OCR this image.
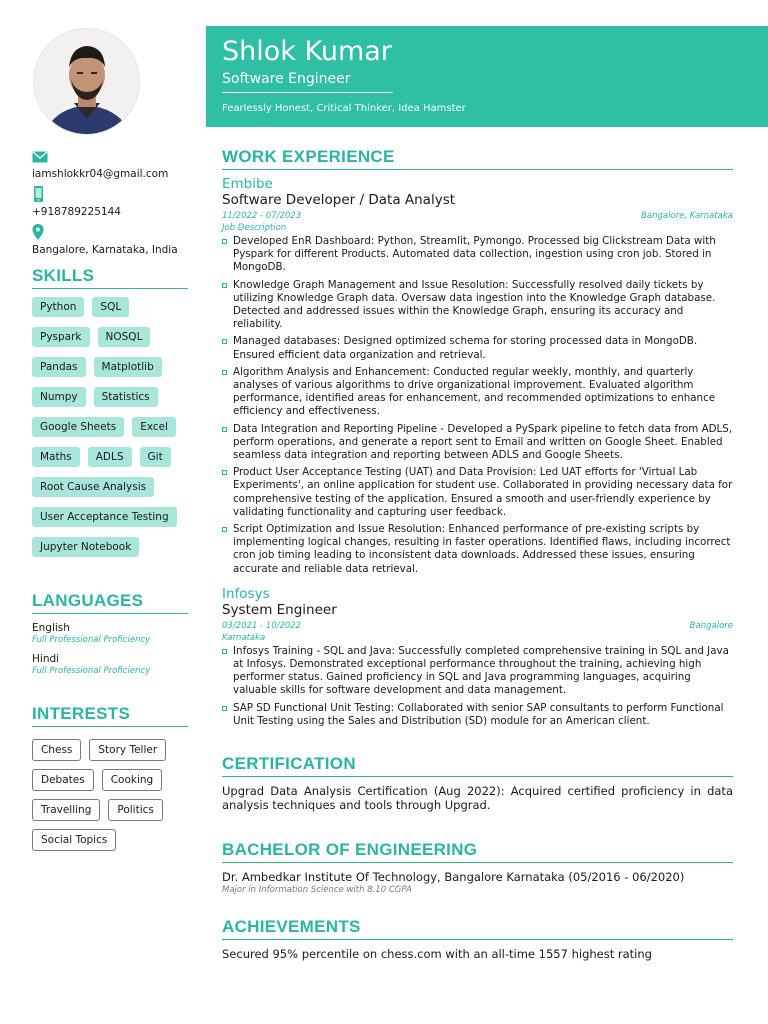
Shlok Kumar
Software Engineer
Fearlessly Honest, Critical Thinker, Idea Hamster
iamshlokkr04@gmail.com
+918789225144
Bangalore, Karnataka, India
SKILLS
Python	SQL
Pyspark	NOSQL
Pandas	Matplotlib
Numpy	Statistics
Google Sheets	Excel
Maths	ADLS	Git
Root Cause Analysis
User Acceptance Testing
Jupyter Notebook
LANGUAGES
English
Full Professional Proficiency
Hindi
Full Professional Proficiency
INTERESTS
Chess	Story Teller
Debates	Cooking
Travelling	Politics
Social Topics
WORK EXPERIENCE
Embibe
Software Developer / Data Analyst
11/2022 - 07/2023	Bangalore, Karnataka
Job Description
Developed EnR Dashboard: Python, Streamlit, Pymongo. Processed big Clickstream Data with Pyspark for different Products. Automated data collection, ingestion using cron job. Stored in MongoDB.
Knowledge Graph Management and Issue Resolution: Successfully resolved daily tickets by utilizing Knowledge Graph data. Oversaw data ingestion into the Knowledge Graph database. Detected and addressed issues within the Knowledge Graph, ensuring its accuracy and reliability.
Managed databases: Designed optimized schema for storing processed data in MongoDB. Ensured efficient data organization and retrieval.
Algorithm Analysis and Enhancement: Conducted regular weekly, monthly, and quarterly analyses of various algorithms to drive organizational improvement. Evaluated algorithm performance, identified areas for enhancement, and recommended optimizations to enhance efficiency and effectiveness.
Data Integration and Reporting Pipeline - Developed a PySpark pipeline to fetch data from ADLS, perform operations, and generate a report sent to Email and written on Google Sheet. Enabled seamless data integration and reporting between ADLS and Google Sheets.
Product User Acceptance Testing (UAT) and Data Provision: Led UAT efforts for 'Virtual Lab Experiments', an online application for student use. Collaborated in providing necessary data for comprehensive testing of the application. Ensured a smooth and user-friendly experience by validating functionality and capturing user feedback.
Script Optimization and Issue Resolution: Enhanced performance of pre-existing scripts by implementing logical changes, resulting in faster operations. Identified flaws, including incorrect cron job timing leading to inconsistent data downloads. Addressed these issues, ensuring accurate and reliable data retrieval.
Infosys
System Engineer
03/2021 - 10/2022	Bangalore
Karnataka
Infosys Training - SQL and Java: Successfully completed comprehensive training in SQL and Java at Infosys. Demonstrated exceptional performance throughout the training, achieving high performer status. Gained proficiency in SQL and Java programming languages, acquiring valuable skills for software development and data management.
SAP SD Functional Unit Testing: Collaborated with senior SAP consultants to perform Functional Unit Testing using the Sales and Distribution (SD) module for an American client.
CERTIFICATION
Upgrad Data Analysis Certification (Aug 2022): Acquired certified proficiency in data analysis techniques and tools through Upgrad.
BACHELOR OF ENGINEERING
Dr. Ambedkar Institute Of Technology, Bangalore Karnataka (05/2016 - 06/2020)
Major in Information Science with 8.10 CGPA
ACHIEVEMENTS
Secured 95% percentile on chess.com with an all-time 1557 highest rating
